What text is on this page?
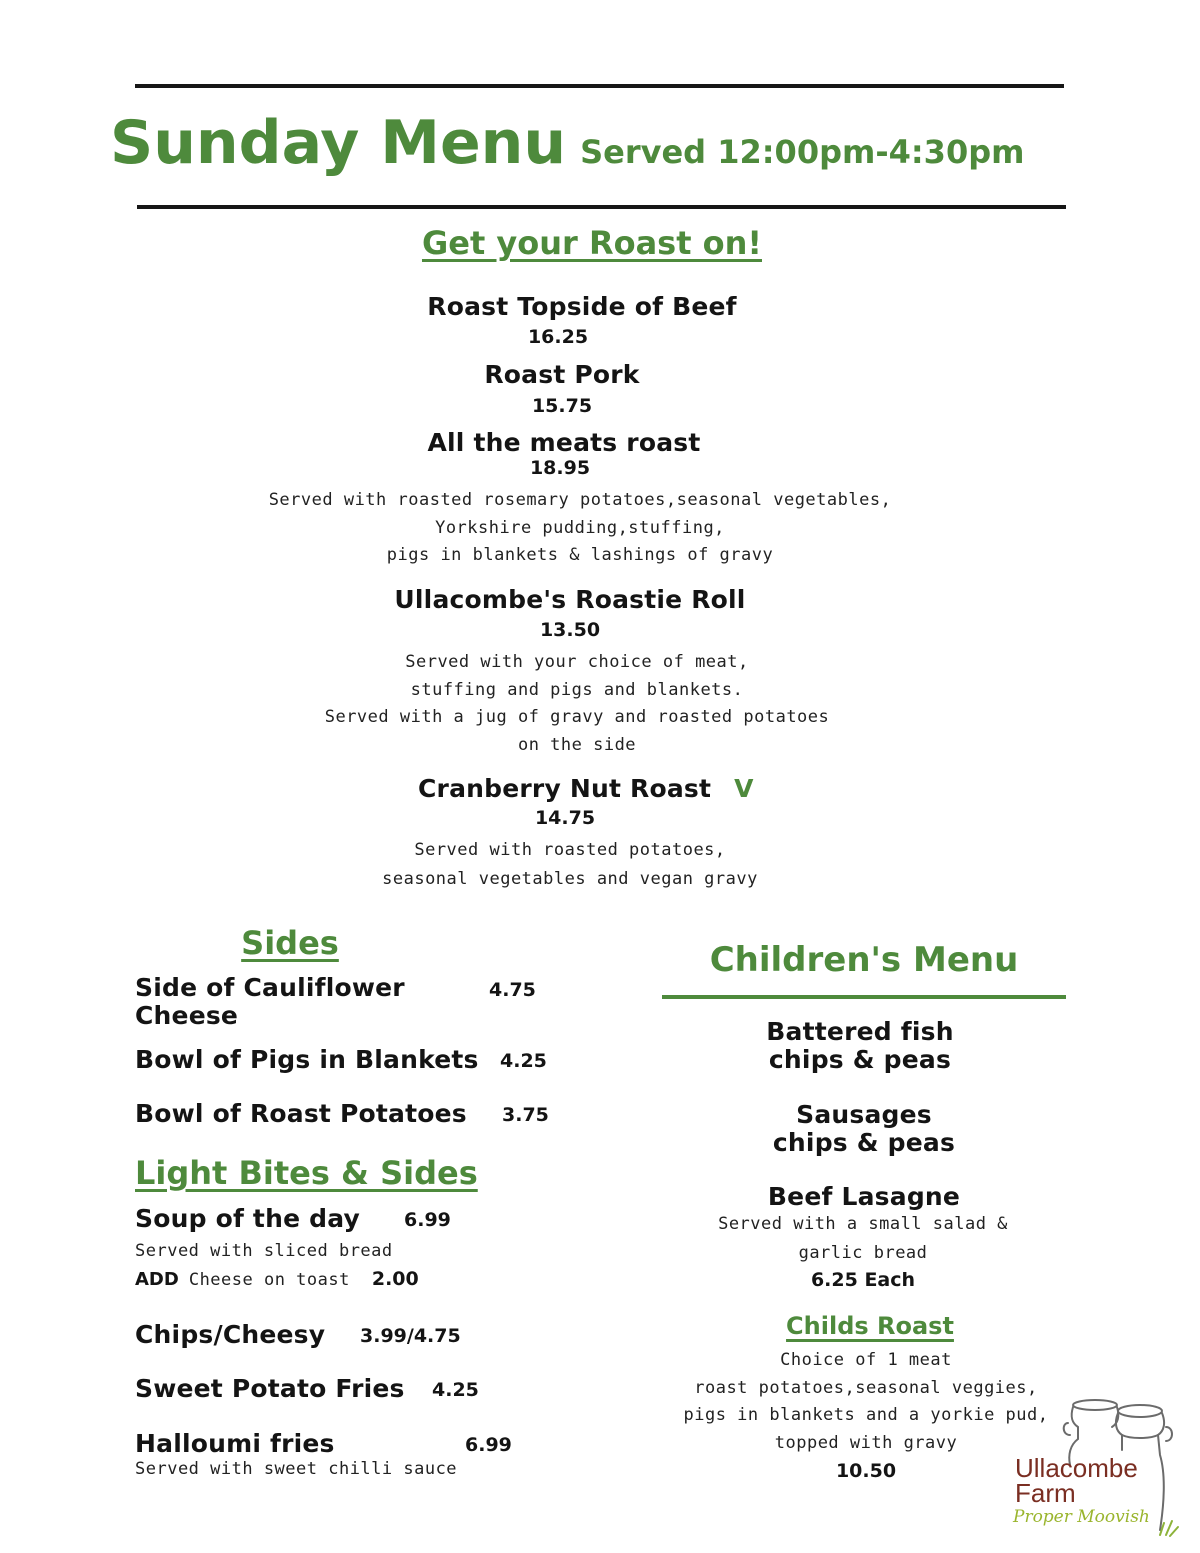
Sunday Menu Served 12:00pm-4:30pm
Get your Roast on!
Roast Topside of Beef
16.25
Roast Pork
15.75
All the meats roast
18.95
Served with roasted rosemary potatoes,seasonal vegetables,
Yorkshire pudding,stuffing,
pigs in blankets & lashings of gravy
Ullacombe's Roastie Roll
13.50
Served with your choice of meat,
stuffing and pigs and blankets.
Served with a jug of gravy and roasted potatoes
on the side
Cranberry Nut Roast V
14.75
Served with roasted potatoes,
seasonal vegetables and vegan gravy
Sides
Side of Cauliflower
Cheese
4.75
Bowl of Pigs in Blankets 4.25
Bowl of Roast Potatoes 3.75
Light Bites & Sides
Soup of the day 6.99
Served with sliced bread
ADD Cheese on toast 2.00
Chips/Cheesy 3.99/4.75
Sweet Potato Fries 4.25
Halloumi fries	6.99
Served with sweet chilli sauce
Children's Menu
Battered fish
chips & peas
Sausages
chips & peas
Beef Lasagne
Served with a small salad &
garlic bread
6.25 Each
Childs Roast
Choice of 1 meat
roast potatoes,seasonal veggies,
pigs in blankets and a yorkie pud,
topped with gravy
10.50	Ullacombe
Farm
Proper Moovish
